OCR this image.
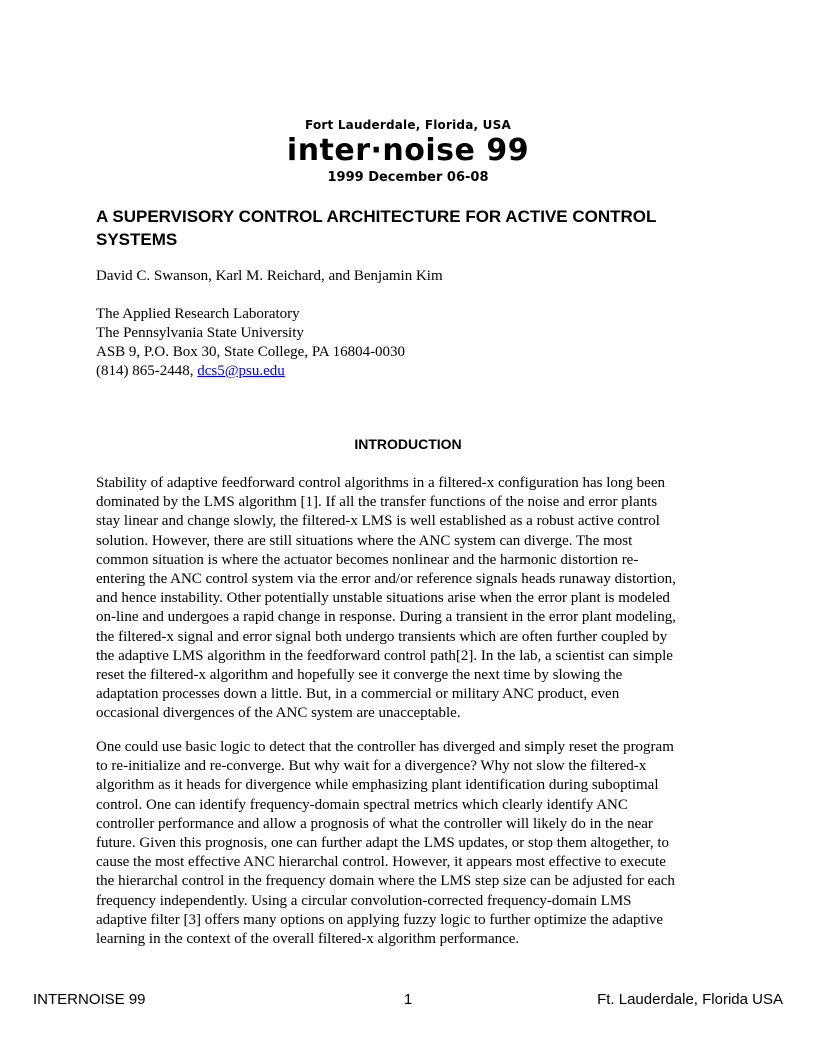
Fort Lauderdale, Florida, USA
inter·noise 99
1999 December 06-08
A SUPERVISORY CONTROL ARCHITECTURE FOR ACTIVE CONTROL SYSTEMS
David C. Swanson, Karl M. Reichard, and Benjamin Kim
The Applied Research Laboratory
The Pennsylvania State University
ASB 9, P.O. Box 30, State College, PA 16804-0030
(814) 865-2448, dcs5@psu.edu
INTRODUCTION

Stability of adaptive feedforward control algorithms in a filtered-x configuration has long been
dominated by the LMS algorithm [1]. If all the transfer functions of the noise and error plants
stay linear and change slowly, the filtered-x LMS is well established as a robust active control
solution. However, there are still situations where the ANC system can diverge. The most
common situation is where the actuator becomes nonlinear and the harmonic distortion re-
entering the ANC control system via the error and/or reference signals heads runaway distortion,
and hence instability. Other potentially unstable situations arise when the error plant is modeled
on-line and undergoes a rapid change in response. During a transient in the error plant modeling,
the filtered-x signal and error signal both undergo transients which are often further coupled by
the adaptive LMS algorithm in the feedforward control path[2]. In the lab, a scientist can simple
reset the filtered-x algorithm and hopefully see it converge the next time by slowing the
adaptation processes down a little. But, in a commercial or military ANC product, even
occasional divergences of the ANC system are unacceptable.

One could use basic logic to detect that the controller has diverged and simply reset the program
to re-initialize and re-converge. But why wait for a divergence? Why not slow the filtered-x
algorithm as it heads for divergence while emphasizing plant identification during suboptimal
control. One can identify frequency-domain spectral metrics which clearly identify ANC
controller performance and allow a prognosis of what the controller will likely do in the near
future. Given this prognosis, one can further adapt the LMS updates, or stop them altogether, to
cause the most effective ANC hierarchal control. However, it appears most effective to execute
the hierarchal control in the frequency domain where the LMS step size can be adjusted for each
frequency independently. Using a circular convolution-corrected frequency-domain LMS
adaptive filter [3] offers many options on applying fuzzy logic to further optimize the adaptive
learning in the context of the overall filtered-x algorithm performance.

INTERNOISE 99	1	Ft. Lauderdale, Florida USA
